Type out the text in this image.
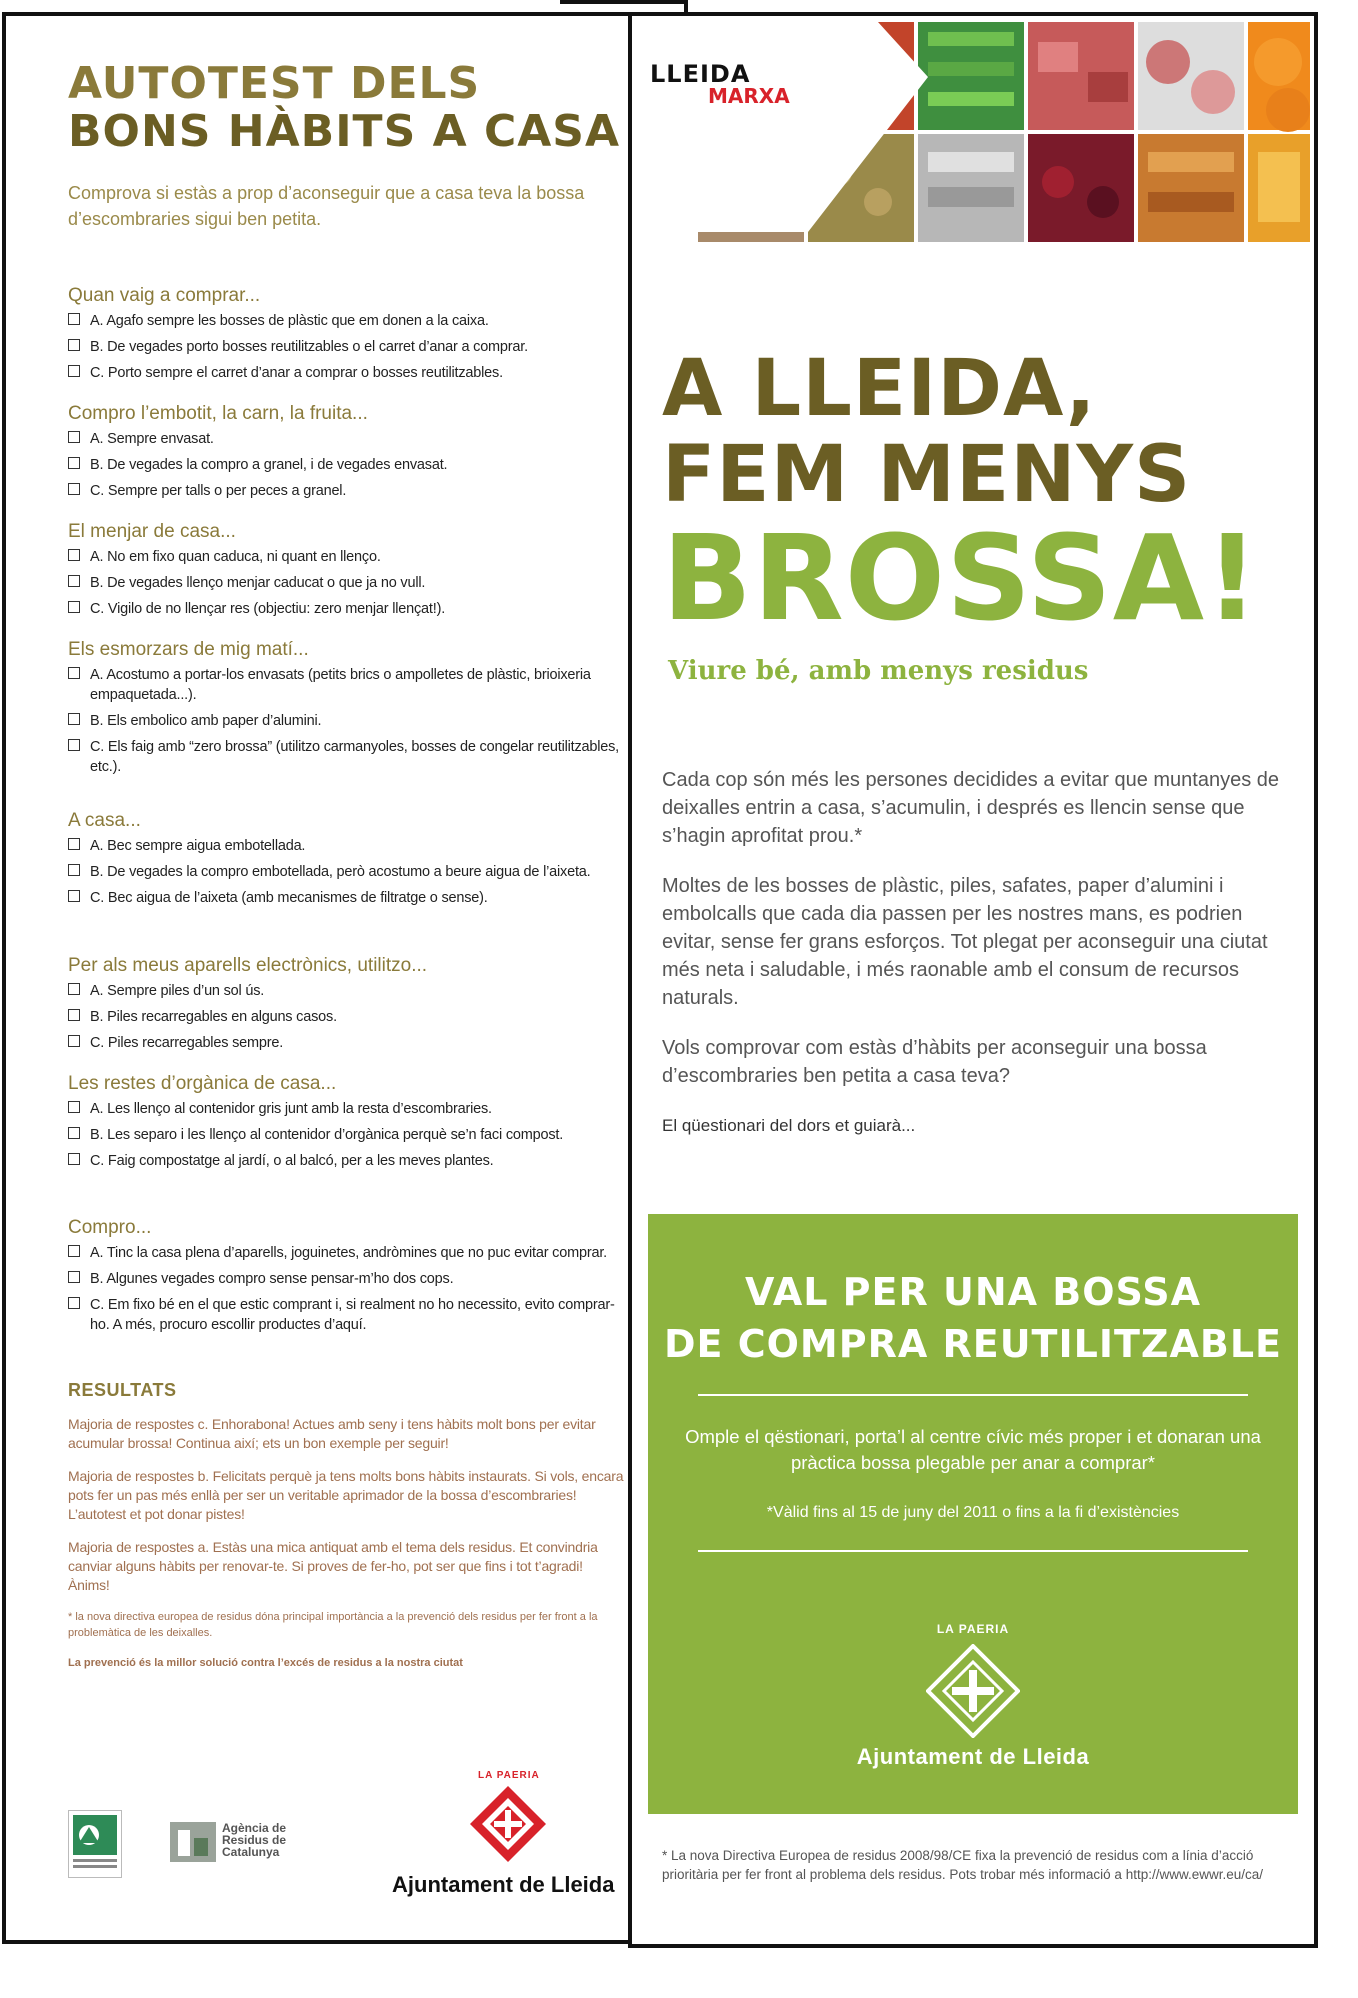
AUTOTEST DELS
BONS HÀBITS A CASA
Comprova si estàs a prop d’aconseguir que a casa teva la bossa d’escombraries sigui ben petita.
Quan vaig a comprar...
A. Agafo sempre les bosses de plàstic que em donen a la caixa.
B. De vegades porto bosses reutilitzables o el carret d’anar a comprar.
C. Porto sempre el carret d’anar a comprar o bosses reutilitzables.
Compro l’embotit, la carn, la fruita...
A. Sempre envasat.
B. De vegades la compro a granel, i de vegades envasat.
C. Sempre per talls o per peces a granel.
El menjar de casa...
A. No em fixo quan caduca, ni quant en llenço.
B. De vegades llenço menjar caducat o que ja no vull.
C. Vigilo de no llençar res (objectiu: zero menjar llençat!).
Els esmorzars de mig matí...
A. Acostumo a portar-los envasats (petits brics o ampolletes de plàstic, brioixeria empaquetada...).
B. Els embolico amb paper d’alumini.
C. Els faig amb “zero brossa” (utilitzo carmanyoles, bosses de congelar reutilitzables, etc.).
A casa...
A. Bec sempre aigua embotellada.
B. De vegades la compro embotellada, però acostumo a beure aigua de l’aixeta.
C. Bec aigua de l’aixeta (amb mecanismes de filtratge o sense).
Per als meus aparells electrònics, utilitzo...
A. Sempre piles d’un sol ús.
B. Piles recarregables en alguns casos.
C. Piles recarregables sempre.
Les restes d’orgànica de casa...
A. Les llenço al contenidor gris junt amb la resta d’escombraries.
B. Les separo i les llenço al contenidor d’orgànica perquè se’n faci compost.
C. Faig compostatge al jardí, o al balcó, per a les meves plantes.
Compro...
A. Tinc la casa plena d’aparells, joguinetes, andròmines que no puc evitar comprar.
B. Algunes vegades compro sense pensar-m’ho dos cops.
C. Em fixo bé en el que estic comprant i, si realment no ho necessito, evito comprar-ho. A més, procuro escollir productes d’aquí.
RESULTATS
Majoria de respostes c. Enhorabona! Actues amb seny i tens hàbits molt bons per evitar acumular brossa! Continua així; ets un bon exemple per seguir!
Majoria de respostes b. Felicitats perquè ja tens molts bons hàbits instaurats. Si vols, encara pots fer un pas més enllà per ser un veritable aprimador de la bossa d’escombraries! L’autotest et pot donar pistes!
Majoria de respostes a. Estàs una mica antiquat amb el tema dels residus. Et convindria canviar alguns hàbits per renovar-te. Si proves de fer-ho, pot ser que fins i tot t’agradi! Ànims!
* la nova directiva europea de residus dóna principal importància a la prevenció dels residus per fer front a la problemàtica de les deixalles.
La prevenció és la millor solució contra l’excés de residus a la nostra ciutat
Agència de Residus de Catalunya
LA PAERIA
Ajuntament de Lleida
LLEIDA
MARXA
A LLEIDA,
FEM MENYS
BROSSA!
Viure bé, amb menys residus

Cada cop són més les persones decidides a evitar que muntanyes de deixalles entrin a casa, s’acumulin, i després es llencin sense que s’hagin aprofitat prou.*

Moltes de les bosses de plàstic, piles, safates, paper d’alumini i embolcalls que cada dia passen per les nostres mans, es podrien evitar, sense fer grans esforços. Tot plegat per aconseguir una ciutat més neta i saludable, i més raonable amb el consum de recursos naturals.

Vols comprovar com estàs d’hàbits per aconseguir una bossa d’escombraries ben petita a casa teva?

El qüestionari del dors et guiarà...

VAL PER UNA BOSSA
DE COMPRA REUTILITZABLE
Omple el qëstionari, porta’l al centre cívic més proper i et donaran una pràctica bossa plegable per anar a comprar*
*Vàlid fins al 15 de juny del 2011 o fins a la fi d’existències
LA PAERIA
Ajuntament de Lleida
* La nova Directiva Europea de residus 2008/98/CE fixa la prevenció de residus com a línia d’acció prioritària per fer front al problema dels residus. Pots trobar més informació a http://www.ewwr.eu/ca/
